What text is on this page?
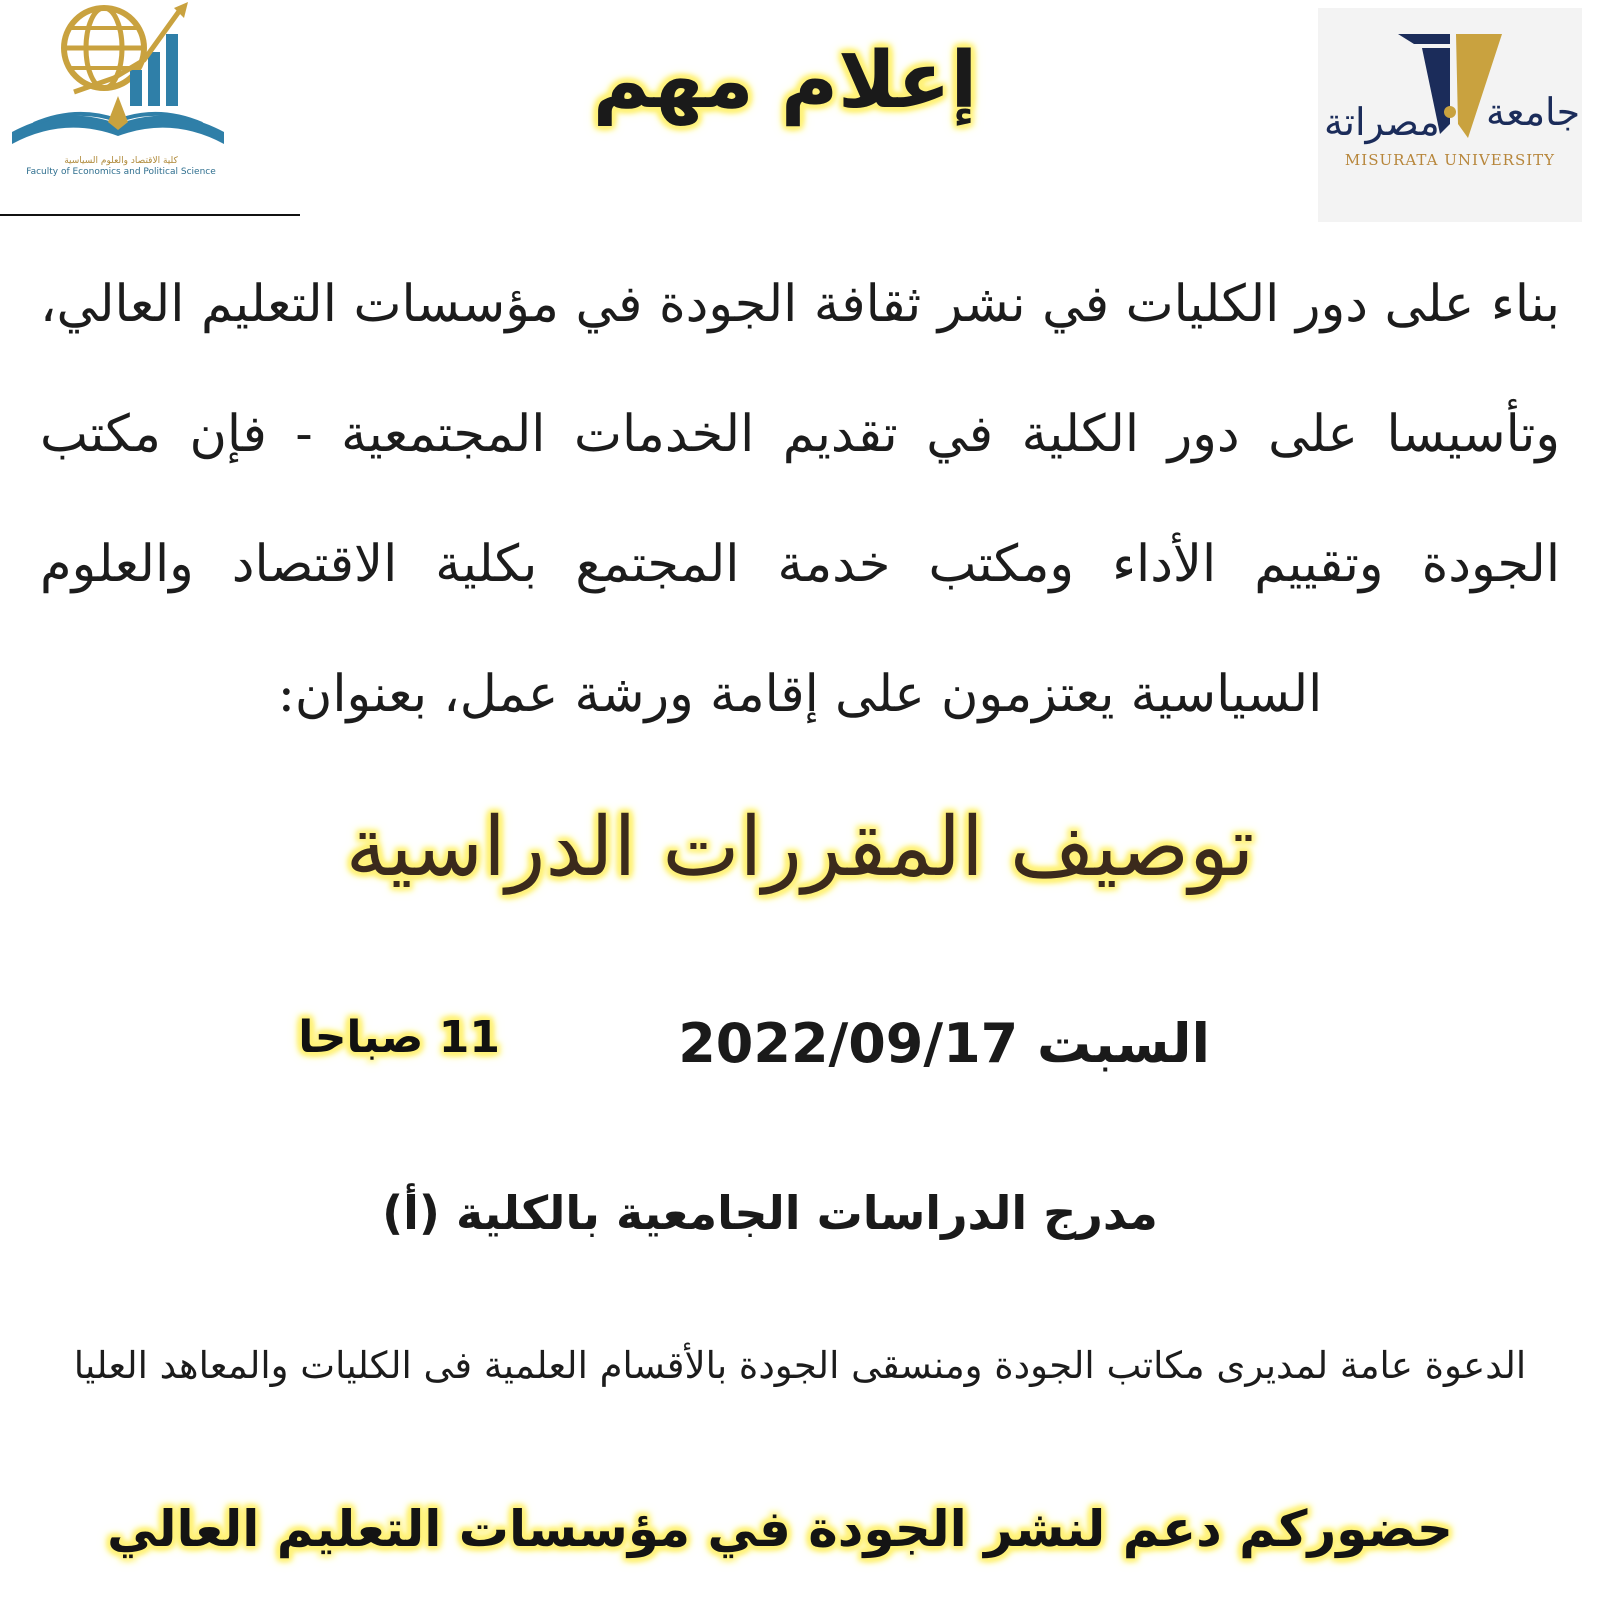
كلية الاقتصاد والعلوم السياسية
Faculty of Economics and Political Science
إعلام مهم	جامعة
مصراتة
MISURATA UNIVERSITY
بناء على دور الكليات في نشر ثقافة الجودة في مؤسسات التعليم العالي، وتأسيسا على دور الكلية في تقديم الخدمات المجتمعية - فإن مكتب الجودة وتقييم الأداء ومكتب خدمة المجتمع بكلية الاقتصاد والعلوم السياسية يعتزمون على إقامة ورشة عمل، بعنوان:
توصيف المقررات الدراسية
السبت 2022/09/17
11 صباحا
مدرج الدراسات الجامعية بالكلية (أ)
الدعوة عامة لمديرى مكاتب الجودة ومنسقى الجودة بالأقسام العلمية فى الكليات والمعاهد العليا
حضوركم دعم لنشر الجودة في مؤسسات التعليم العالي
